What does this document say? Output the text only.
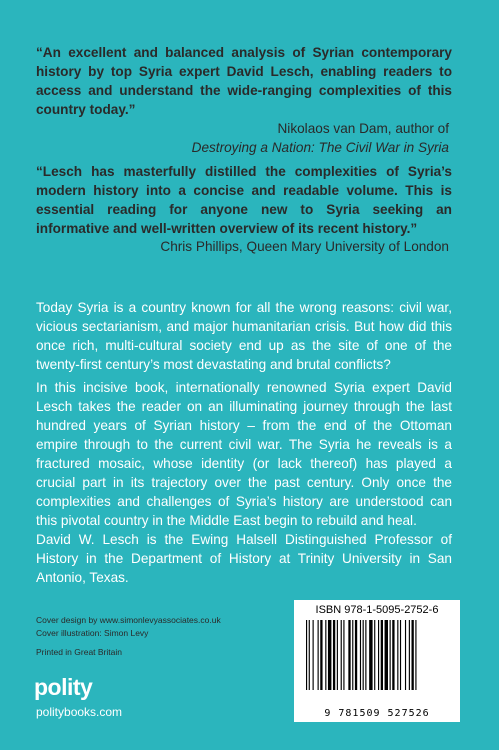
“An excellent and balanced analysis of Syrian contemporary history by top Syria expert David Lesch, enabling readers to access and understand the wide-ranging complexities of this country today.”
Nikolaos van Dam, author of
Destroying a Nation: The Civil War in Syria
“Lesch has masterfully distilled the complexities of Syria’s modern history into a concise and readable volume. This is essential reading for anyone new to Syria seeking an informative and well-written overview of its recent history.”
Chris Phillips, Queen Mary University of London
Today Syria is a country known for all the wrong reasons: civil war, vicious sectarianism, and major humanitarian crisis. But how did this once rich, multi-cultural society end up as the site of one of the twenty-first century’s most devastating and brutal conflicts?
In this incisive book, internationally renowned Syria expert David Lesch takes the reader on an illuminating journey through the last hundred years of Syrian history – from the end of the Ottoman empire through to the current civil war. The Syria he reveals is a fractured mosaic, whose identity (or lack thereof) has played a crucial part in its trajectory over the past century. Only once the complexities and challenges of Syria’s history are understood can this pivotal country in the Middle East begin to rebuild and heal.
David W. Lesch is the Ewing Halsell Distinguished Professor of History in the Department of History at Trinity University in San Antonio, Texas.
Cover design by www.simonlevyassociates.co.uk
Cover illustration: Simon Levy
Printed in Great Britain
polity
politybooks.com
ISBN 978-1-5095-2752-6
9 781509 527526
